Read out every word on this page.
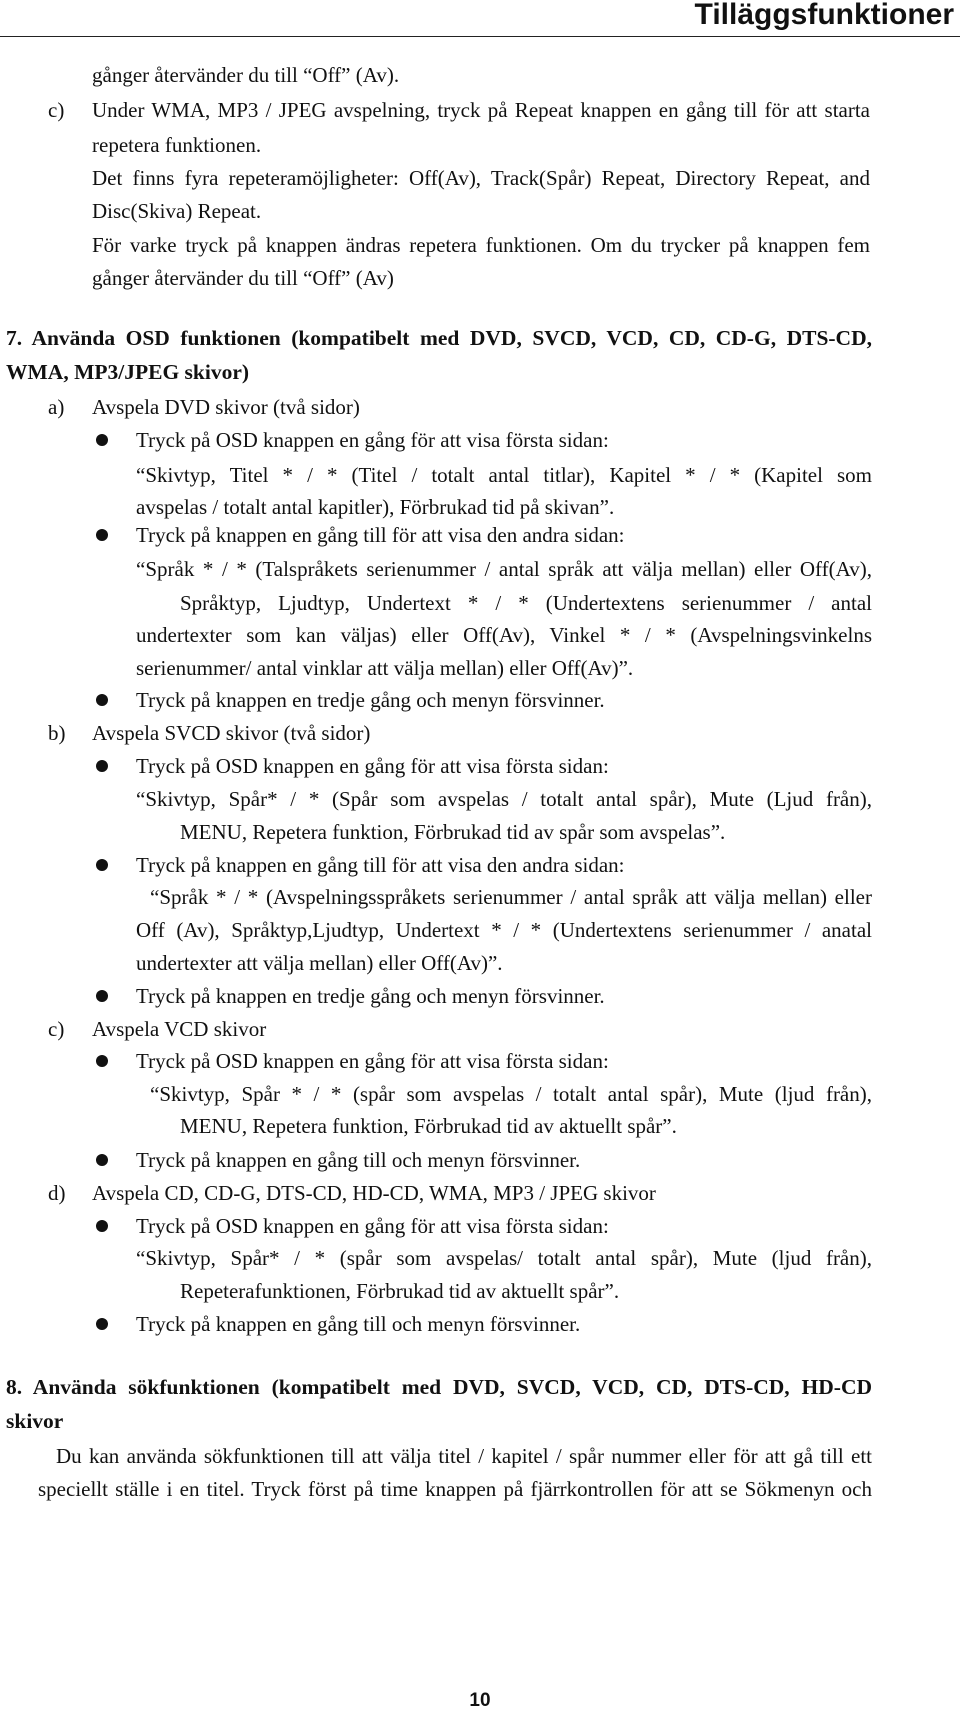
Tilläggsfunktioner
gånger återvänder du till “Off” (Av).
c) Under WMA, MP3 / JPEG avspelning, tryck på Repeat knappen en gång till för att starta
repetera funktionen.
Det finns fyra repeteramöjligheter: Off(Av), Track(Spår) Repeat, Directory Repeat, and
Disc(Skiva) Repeat.
För varke tryck på knappen ändras repetera funktionen. Om du trycker på knappen fem
gånger återvänder du till “Off” (Av)
7. Använda OSD funktionen (kompatibelt med DVD, SVCD, VCD, CD, CD-G, DTS-CD,
WMA, MP3/JPEG skivor)
a) Avspela DVD skivor (två sidor)
Tryck på OSD knappen en gång för att visa första sidan:
“Skivtyp, Titel * / * (Titel / totalt antal titlar), Kapitel * / * (Kapitel som
avspelas / totalt antal kapitler), Förbrukad tid på skivan”.
Tryck på knappen en gång till för att visa den andra sidan:
“Språk * / * (Talspråkets serienummer / antal språk att välja mellan) eller Off(Av),
Språktyp, Ljudtyp, Undertext * / * (Undertextens serienummer / antal
undertexter som kan väljas) eller Off(Av), Vinkel * / * (Avspelningsvinkelns
serienummer/ antal vinklar att välja mellan) eller Off(Av)”.
Tryck på knappen en tredje gång och menyn försvinner.
b) Avspela SVCD skivor (två sidor)
Tryck på OSD knappen en gång för att visa första sidan:
“Skivtyp, Spår* / * (Spår som avspelas / totalt antal spår), Mute (Ljud från),
MENU, Repetera funktion, Förbrukad tid av spår som avspelas”.
Tryck på knappen en gång till för att visa den andra sidan:
“Språk * / * (Avspelningsspråkets serienummer / antal språk att välja mellan) eller
Off (Av), Språktyp,Ljudtyp, Undertext * / * (Undertextens serienummer / anatal
undertexter att välja mellan) eller Off(Av)”.
Tryck på knappen en tredje gång och menyn försvinner.
c) Avspela VCD skivor
Tryck på OSD knappen en gång för att visa första sidan:
“Skivtyp, Spår * / * (spår som avspelas / totalt antal spår), Mute (ljud från),
MENU, Repetera funktion, Förbrukad tid av aktuellt spår”.
Tryck på knappen en gång till och menyn försvinner.
d) Avspela CD, CD-G, DTS-CD, HD-CD, WMA, MP3 / JPEG skivor
Tryck på OSD knappen en gång för att visa första sidan:
“Skivtyp, Spår* / * (spår som avspelas/ totalt antal spår), Mute (ljud från),
Repeterafunktionen, Förbrukad tid av aktuellt spår”.
Tryck på knappen en gång till och menyn försvinner.
8. Använda sökfunktionen (kompatibelt med DVD, SVCD, VCD, CD, DTS-CD, HD-CD
skivor
Du kan använda sökfunktionen till att välja titel / kapitel / spår nummer eller för att gå till ett
speciellt ställe i en titel. Tryck först på time knappen på fjärrkontrollen för att se Sökmenyn och
10
